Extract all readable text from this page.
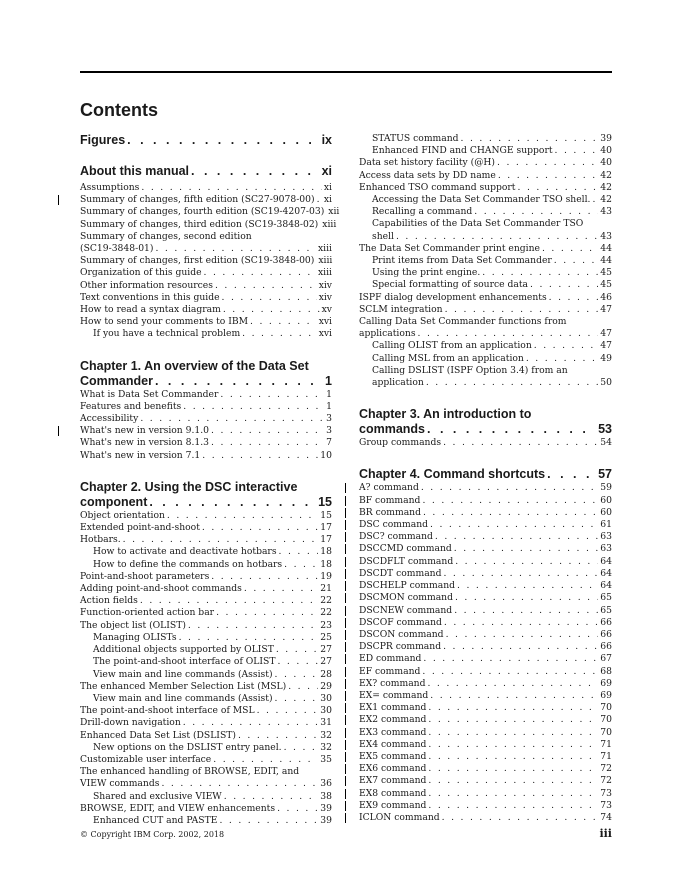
Contents
Figures . . .	ix
About this manual . . .	xi
Assumptions . . .	xi
Summary of changes, fifth edition (SC27-9078-00) . . . xi
Summary of changes, fourth edition (SC19-4207-03) xii
Summary of changes, third edition (SC19-3848-02) xiii
Summary of changes, second edition
(SC19-3848-01) . . .	xiii
Summary of changes, first edition (SC19-3848-00) xiii
Organization of this guide . . .	xiii
Other information resources . . .	xiv
Text conventions in this guide . . .	xiv
How to read a syntax diagram . . .	xv
How to send your comments to IBM . . .	xvi
If you have a technical problem . . .	xvi
Chapter 1. An overview of the Data Set
Commander . . .	1
What is Data Set Commander . . .	1
Features and benefits . . .	1
Accessibility . . .	3
What's new in version 9.1.0 . . .	3
What's new in version 8.1.3 . . .	7
What's new in version 7.1 . . .	10
Chapter 2. Using the DSC interactive
component . . .	15
Object orientation . . .	15
Extended point-and-shoot . . .	17
Hotbars. . . .	17
How to activate and deactivate hotbars . . .	18
How to define the commands on hotbars . . .	18
Point-and-shoot parameters . . .	19
Adding point-and-shoot commands . . .	21
Action fields . . .	22
Function-oriented action bar . . .	22
The object list (OLIST) . . .	23
Managing OLISTs . . .	25
Additional objects supported by OLIST . . .	27
The point-and-shoot interface of OLIST . . .	27
View main and line commands (Assist) . . .	28
The enhanced Member Selection List (MSL) . . .	29
View main and line commands (Assist) . . .	30
The point-and-shoot interface of MSL . . .	30
Drill-down navigation . . .	31
Enhanced Data Set List (DSLIST) . . .	32
New options on the DSLIST entry panel. . . .	32
Customizable user interface . . .	35
The enhanced handling of BROWSE, EDIT, and
VIEW commands . . .	36
Shared and exclusive VIEW . . .	38
BROWSE, EDIT, and VIEW enhancements . . .	39
Enhanced CUT and PASTE . . .	39
STATUS command . . .	39
Enhanced FIND and CHANGE support . . .	40
Data set history facility (@H) . . .	40
Access data sets by DD name . . .	42
Enhanced TSO command support . . .	42
Accessing the Data Set Commander TSO shell. . . . 42
Recalling a command . . .	43
Capabilities of the Data Set Commander TSO
shell . . .	43
The Data Set Commander print engine . . .	44
Print items from Data Set Commander . . .	44
Using the print engine. . . .	45
Special formatting of source data . . .	45
ISPF dialog development enhancements . . .	46
SCLM integration . . .	47
Calling Data Set Commander functions from
applications . . .	47
Calling OLIST from an application . . .	47
Calling MSL from an application . . .	49
Calling DSLIST (ISPF Option 3.4) from an
application . . .	50
Chapter 3. An introduction to
commands . . .	53
Group commands . . .	54
Chapter 4. Command shortcuts . . .	57
A? command . . .	59
BF command . . .	60
BR command . . .	60
DSC command . . .	61
DSC? command . . .	63
DSCCMD command . . .	63
DSCDFLT command . . .	64
DSCDT command . . .	64
DSCHELP command . . .	64
DSCMON command . . .	65
DSCNEW command . . .	65
DSCOF command . . .	66
DSCON command . . .	66
DSCPR command . . .	66
ED command . . .	67
EF command . . .	68
EX? command . . .	69
EX= command . . .	69
EX1 command . . .	70
EX2 command . . .	70
EX3 command . . .	70
EX4 command . . .	71
EX5 command . . .	71
EX6 command . . .	72
EX7 command . . .	72
EX8 command . . .	73
EX9 command . . .	73
ICLON command . . .	74
© Copyright IBM Corp. 2002, 2018	iii
